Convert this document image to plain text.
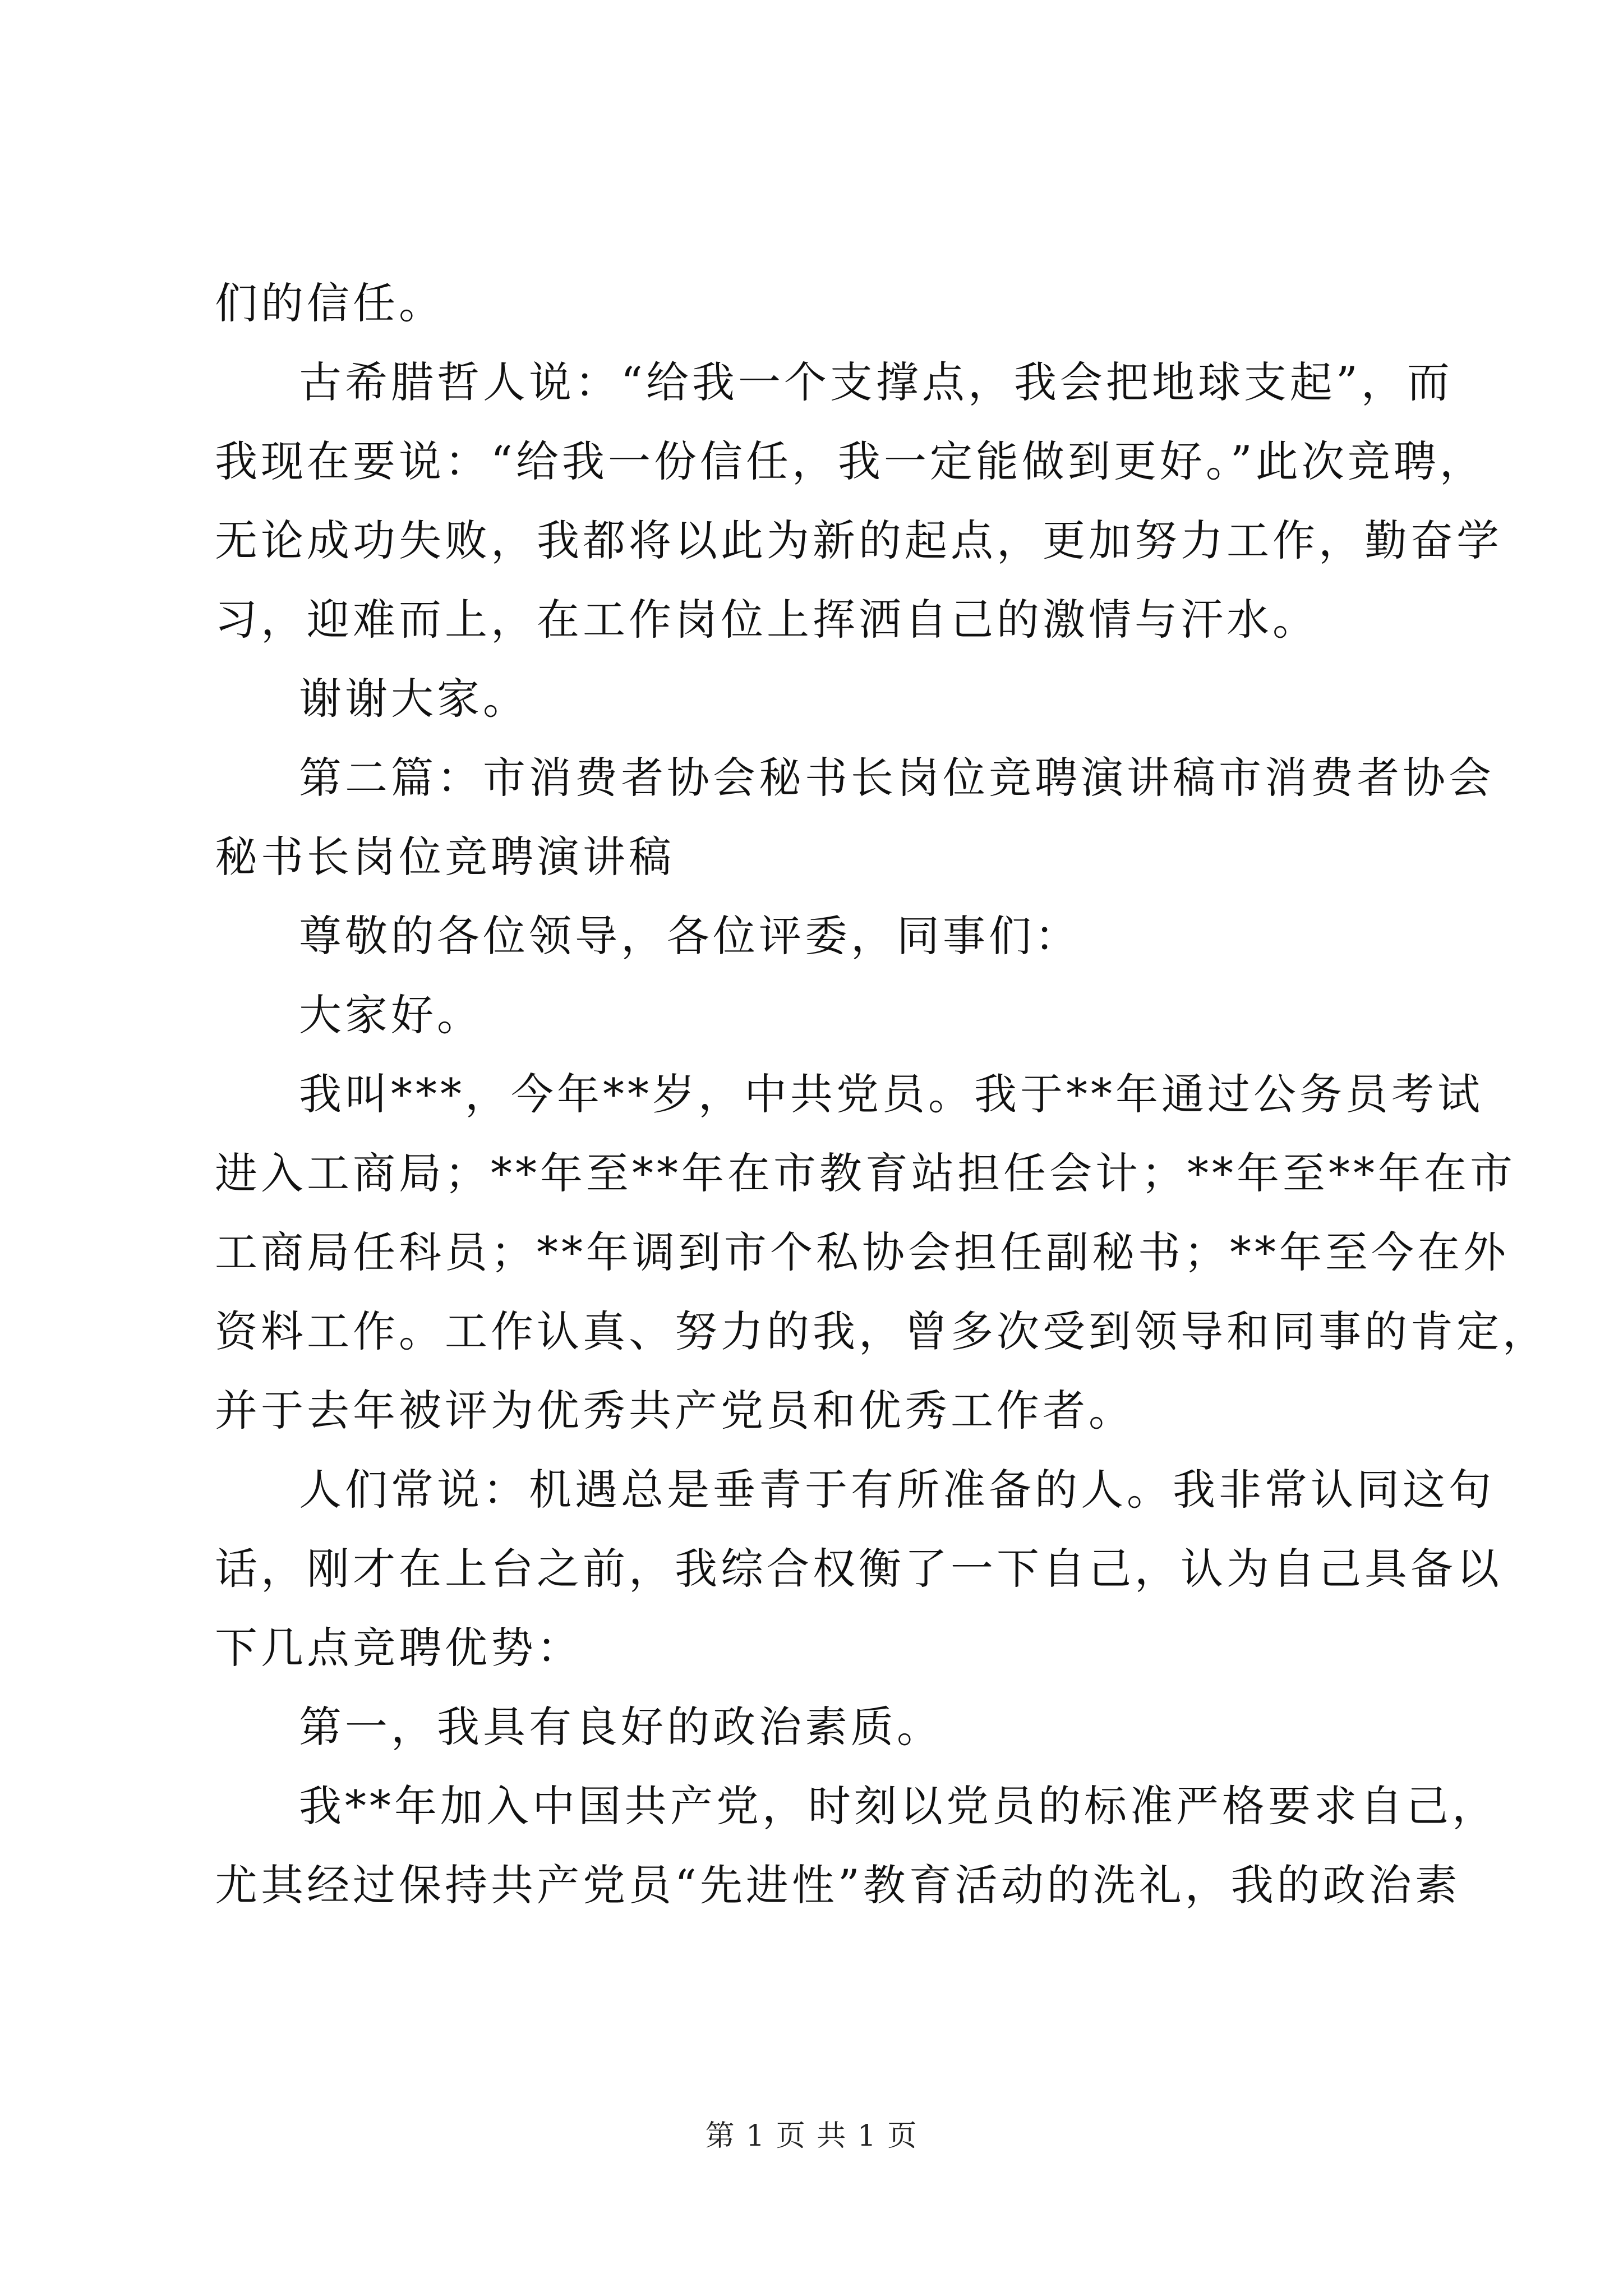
们的信任。
古希腊哲人说：“给我一个支撑点，我会把地球支起”，而
我现在要说：“给我一份信任，我一定能做到更好。”此次竞聘，
无论成功失败，我都将以此为新的起点，更加努力工作，勤奋学
习，迎难而上，在工作岗位上挥洒自己的激情与汗水。
谢谢大家。
第二篇：市消费者协会秘书长岗位竞聘演讲稿市消费者协会
秘书长岗位竞聘演讲稿
尊敬的各位领导，各位评委，同事们：
大家好。
我叫***，今年**岁，中共党员。我于**年通过公务员考试
进入工商局；**年至**年在市教育站担任会计；**年至**年在市
工商局任科员；**年调到市个私协会担任副秘书；**年至今在外
资料工作。工作认真、努力的我，曾多次受到领导和同事的肯定，
并于去年被评为优秀共产党员和优秀工作者。
人们常说：机遇总是垂青于有所准备的人。我非常认同这句
话，刚才在上台之前，我综合权衡了一下自己，认为自己具备以
下几点竞聘优势：
第一，我具有良好的政治素质。
我**年加入中国共产党，时刻以党员的标准严格要求自己，
尤其经过保持共产党员“先进性”教育活动的洗礼，我的政治素
第 1 页 共 1 页
